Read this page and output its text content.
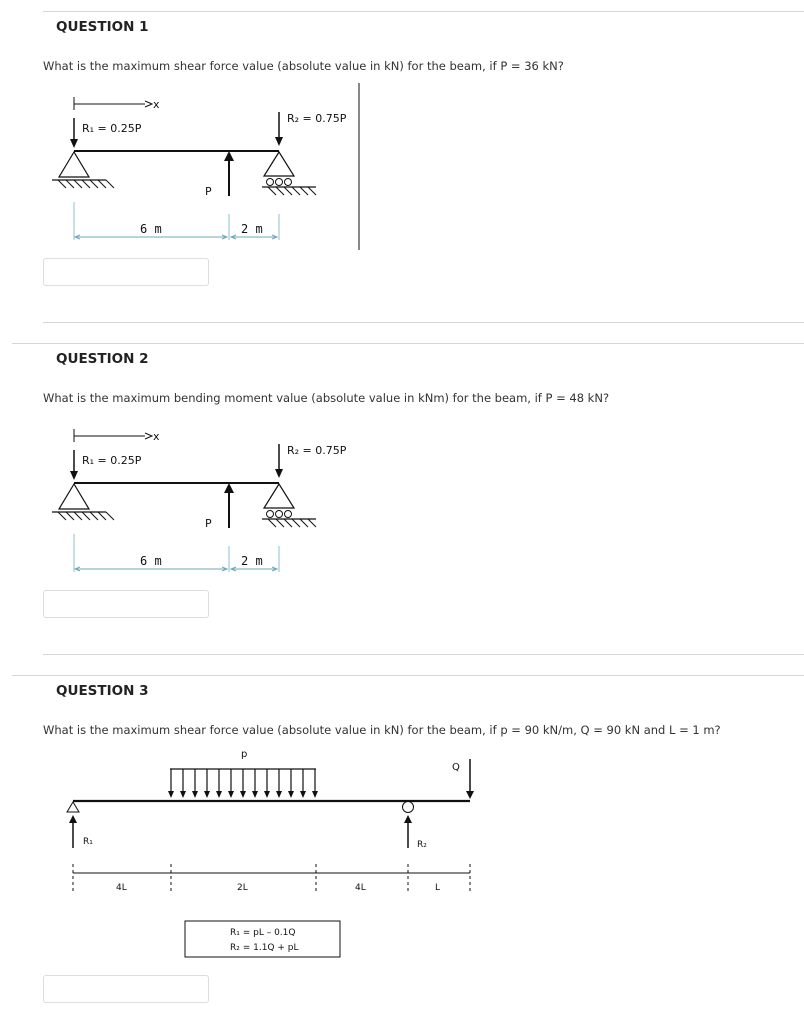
QUESTION 1
What is the maximum shear force value (absolute value in kN) for the beam, if P = 36 kN?
x
R₁ = 0.25P
R₂ = 0.75P
P
6 m	2 m
QUESTION 2
What is the maximum bending moment value (absolute value in kNm) for the beam, if P = 48 kN?
x
R₁ = 0.25P
R₂ = 0.75P
P
6 m	2 m
QUESTION 3
What is the maximum shear force value (absolute value in kN) for the beam, if p = 90 kN/m, Q = 90 kN and L = 1 m?
p
Q
R₁	R₂
4L	2L	4L	L
R₁ = pL – 0.1Q
R₂ = 1.1Q + pL
